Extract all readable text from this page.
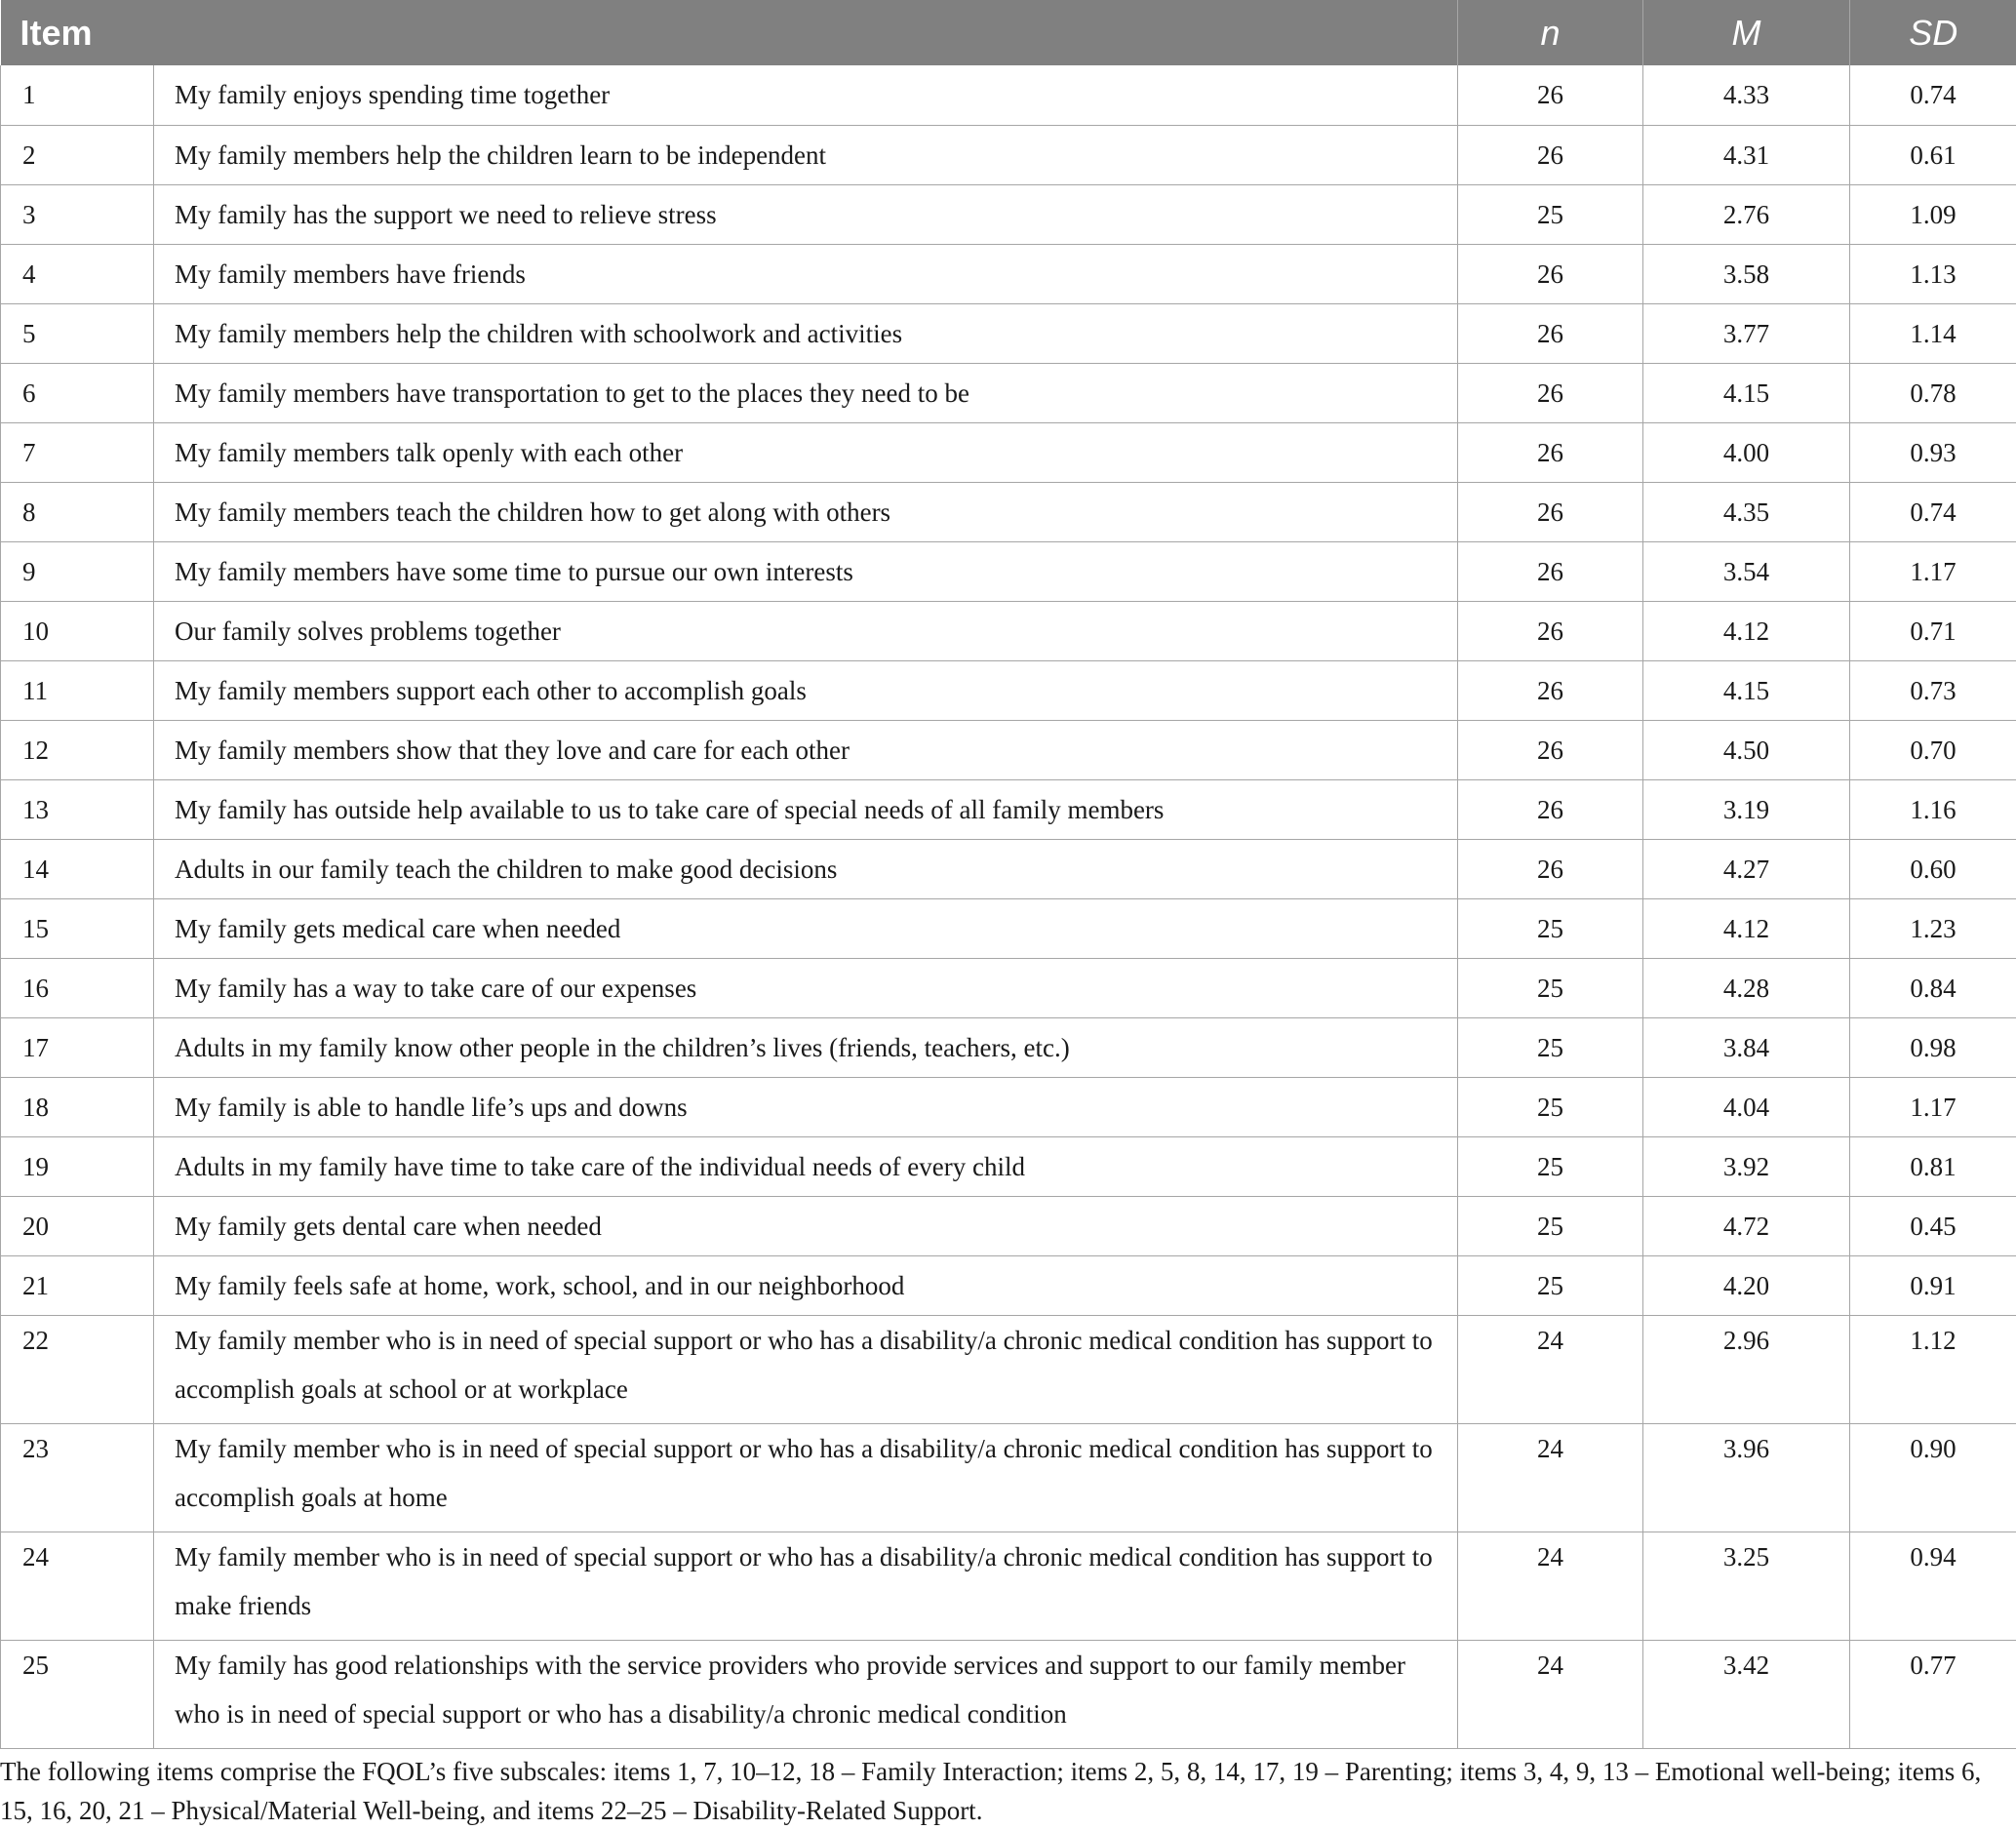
Item		n	M	SD
1	My family enjoys spending time together	26	4.33	0.74
2	My family members help the children learn to be independent	26	4.31	0.61
3	My family has the support we need to relieve stress	25	2.76	1.09
4	My family members have friends	26	3.58	1.13
5	My family members help the children with schoolwork and activities	26	3.77	1.14
6	My family members have transportation to get to the places they need to be	26	4.15	0.78
7	My family members talk openly with each other	26	4.00	0.93
8	My family members teach the children how to get along with others	26	4.35	0.74
9	My family members have some time to pursue our own interests	26	3.54	1.17
10	Our family solves problems together	26	4.12	0.71
11	My family members support each other to accomplish goals	26	4.15	0.73
12	My family members show that they love and care for each other	26	4.50	0.70
13	My family has outside help available to us to take care of special needs of all family members	26	3.19	1.16
14	Adults in our family teach the children to make good decisions	26	4.27	0.60
15	My family gets medical care when needed	25	4.12	1.23
16	My family has a way to take care of our expenses	25	4.28	0.84
17	Adults in my family know other people in the children’s lives (friends, teachers, etc.)	25	3.84	0.98
18	My family is able to handle life’s ups and downs	25	4.04	1.17
19	Adults in my family have time to take care of the individual needs of every child	25	3.92	0.81
20	My family gets dental care when needed	25	4.72	0.45
21	My family feels safe at home, work, school, and in our neighborhood	25	4.20	0.91
22	My family member who is in need of special support or who has a disability/a chronic medical condition has support to accomplish goals at school or at workplace	24	2.96	1.12
23	My family member who is in need of special support or who has a disability/a chronic medical condition has support to accomplish goals at home	24	3.96	0.90
24	My family member who is in need of special support or who has a disability/a chronic medical condition has support to make friends	24	3.25	0.94
25	My family has good relationships with the service providers who provide services and support to our family member who is in need of special support or who has a disability/a chronic medical condition	24	3.42	0.77
The following items comprise the FQOL’s five subscales: items 1, 7, 10–12, 18 – Family Interaction; items 2, 5, 8, 14, 17, 19 – Parenting; items 3, 4, 9, 13 – Emotional well-being; items 6, 15, 16, 20, 21 – Physical/Material Well-being, and items 22–25 – Disability-Related Support.
